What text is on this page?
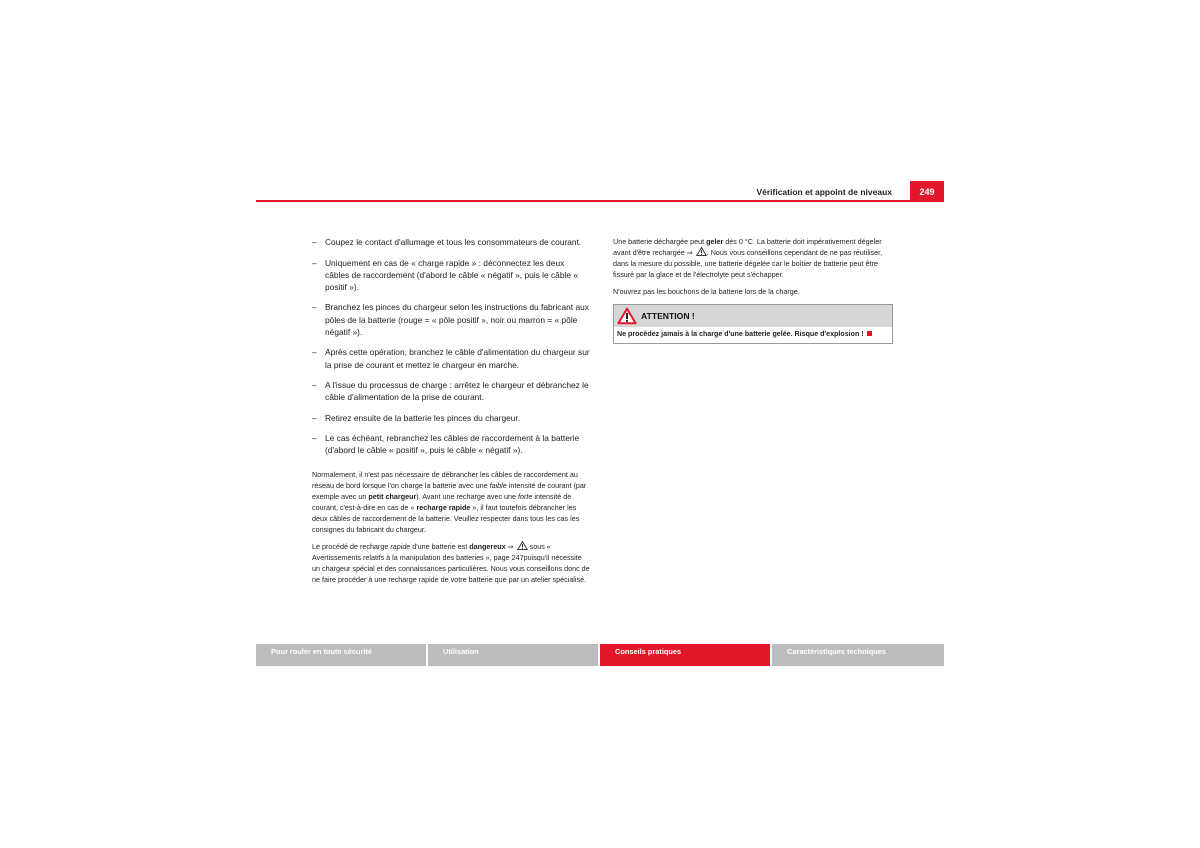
Vérification et appoint de niveaux	249
– Coupez le contact d'allumage et tous les consommateurs de courant.
– Uniquement en cas de « charge rapide » : déconnectez les deux câbles de raccordement (d'abord le câble « négatif », puis le câble « positif »).
– Branchez les pinces du chargeur selon les instructions du fabricant aux pôles de la batterie (rouge = « pôle positif », noir ou marron = « pôle négatif »).
– Après cette opération, branchez le câble d'alimentation du chargeur sur la prise de courant et mettez le chargeur en marche.
– A l'issue du processus de charge : arrêtez le chargeur et débranchez le câble d'alimentation de la prise de courant.
– Retirez ensuite de la batterie les pinces du chargeur.
– Le cas échéant, rebranchez les câbles de raccordement à la batterie (d'abord le câble « positif », puis le câble « négatif »).

Normalement, il n'est pas nécessaire de débrancher les câbles de raccordement au réseau de bord lorsque l'on charge la batterie avec une faible intensité de courant (par exemple avec un petit chargeur). Avant une recharge avec une forte intensité de courant, c'est-à-dire en cas de « recharge rapide », il faut toutefois débrancher les deux câbles de raccordement de la batterie. Veuillez respecter dans tous les cas les consignes du fabricant du chargeur.

Le procédé de recharge rapide d'une batterie est dangereux ⇒  sous « Avertissements relatifs à la manipulation des batteries », page 247puisqu'il nécessite un chargeur spécial et des connaissances particulières. Nous vous conseillons donc de ne faire procéder à une recharge rapide de votre batterie que par un atelier spécialisé.

Une batterie déchargée peut geler dès 0 °C. La batterie doit impérativement dégeler avant d'être rechargée ⇒ . Nous vous conseillons cependant de ne pas réutiliser, dans la mesure du possible, une batterie dégelée car le boîtier de batterie peut être fissuré par la glace et de l'électrolyte peut s'échapper.

N'ouvrez pas les bouchons de la batterie lors de la charge.

ATTENTION !
Ne procédez jamais à la charge d'une batterie gelée. Risque d'explosion !
Pour rouler en toute sécurité	Utilisation	Conseils pratiques	Caractéristiques techniques
